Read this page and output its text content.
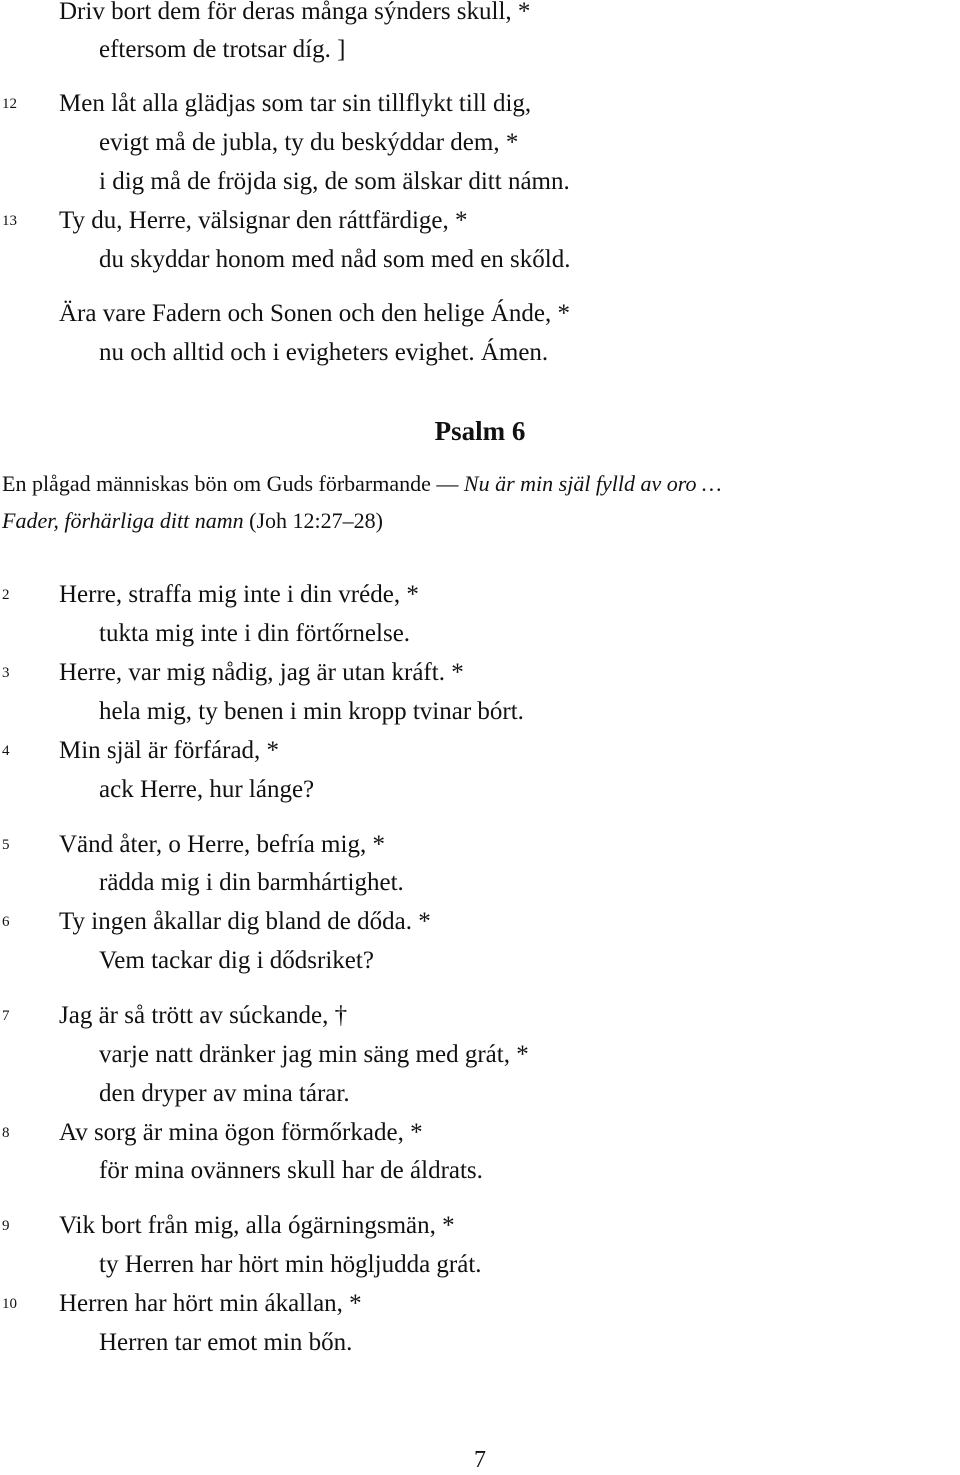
Driv bort dem för deras många sýnders skull, *
eftersom de trotsar díg. ]
12 Men låt alla glädjas som tar sin tillflykt till dig,
evigt må de jubla, ty du beskýddar dem, *
i dig må de fröjda sig, de som älskar ditt námn.
13 Ty du, Herre, välsignar den ráttfärdige, *
du skyddar honom med nåd som med en skőld.
Ära vare Fadern och Sonen och den helige Ánde, *
nu och alltid och i evigheters evighet. Ámen.
Psalm 6
En plågad människas bön om Guds förbarmande — Nu är min själ fylld av oro …
Fader, förhärliga ditt namn (Joh 12:27–28)
2 Herre, straffa mig inte i din vréde, *
tukta mig inte i din förtőrnelse.
3 Herre, var mig nådig, jag är utan kráft. *
hela mig, ty benen i min kropp tvinar bórt.
4 Min själ är förfárad, *
ack Herre, hur lánge?
5 Vänd åter, o Herre, befría mig, *
rädda mig i din barmhártighet.
6 Ty ingen åkallar dig bland de dőda. *
Vem tackar dig i dődsriket?
7 Jag är så trött av súckande, †
varje natt dränker jag min säng med grát, *
den dryper av mina tárar.
8 Av sorg är mina ögon förmőrkade, *
för mina ovänners skull har de áldrats.
9 Vik bort från mig, alla ógärningsmän, *
ty Herren har hört min högljudda grát.
10 Herren har hört min ákallan, *
Herren tar emot min bőn.
7
